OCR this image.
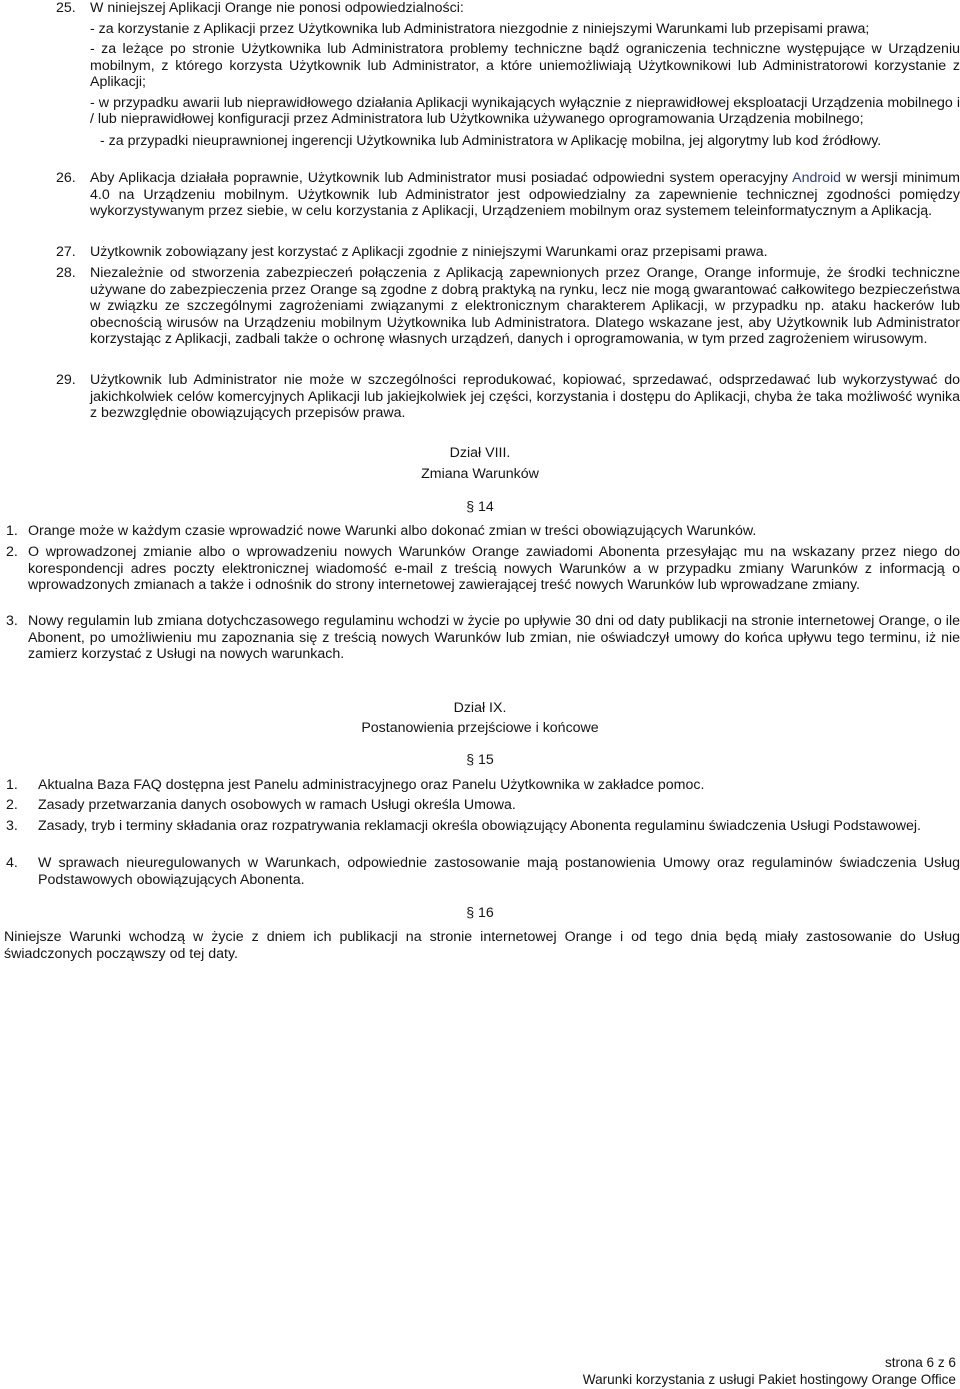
25.	W niniejszej Aplikacji Orange nie ponosi odpowiedzialności:
- za korzystanie z Aplikacji przez Użytkownika lub Administratora niezgodnie z niniejszymi Warunkami lub przepisami prawa;
- za leżące po stronie Użytkownika lub Administratora problemy techniczne bądź ograniczenia techniczne występujące w Urządzeniu mobilnym, z którego korzysta Użytkownik lub Administrator, a które uniemożliwiają Użytkownikowi lub Administratorowi korzystanie z Aplikacji;
- w przypadku awarii lub nieprawidłowego działania Aplikacji wynikających wyłącznie z nieprawidłowej eksploatacji Urządzenia mobilnego i / lub nieprawidłowej konfiguracji przez Administratora lub Użytkownika używanego oprogramowania Urządzenia mobilnego;
- za przypadki nieuprawnionej ingerencji Użytkownika lub Administratora w Aplikację mobilna, jej algorytmy lub kod źródłowy.
26.	Aby Aplikacja działała poprawnie, Użytkownik lub Administrator musi posiadać odpowiedni system operacyjny Android w wersji minimum 4.0 na Urządzeniu mobilnym. Użytkownik lub Administrator jest odpowiedzialny za zapewnienie technicznej zgodności pomiędzy wykorzystywanym przez siebie, w celu korzystania z Aplikacji, Urządzeniem mobilnym oraz systemem teleinformatycznym a Aplikacją.
27.	Użytkownik zobowiązany jest korzystać z Aplikacji zgodnie z niniejszymi Warunkami oraz przepisami prawa.
28.	Niezależnie od stworzenia zabezpieczeń połączenia z Aplikacją zapewnionych przez Orange, Orange informuje, że środki techniczne używane do zabezpieczenia przez Orange są zgodne z dobrą praktyką na rynku, lecz nie mogą gwarantować całkowitego bezpieczeństwa w związku ze szczególnymi zagrożeniami związanymi z elektronicznym charakterem Aplikacji, w przypadku np. ataku hackerów lub obecnością wirusów na Urządzeniu mobilnym Użytkownika lub Administratora. Dlatego wskazane jest, aby Użytkownik lub Administrator korzystając z Aplikacji, zadbali także o ochronę własnych urządzeń, danych i oprogramowania, w tym przed zagrożeniem wirusowym.
29.	Użytkownik lub Administrator nie może w szczególności reprodukować, kopiować, sprzedawać, odsprzedawać lub wykorzystywać do jakichkolwiek celów komercyjnych Aplikacji lub jakiejkolwiek jej części, korzystania i dostępu do Aplikacji, chyba że taka możliwość wynika z bezwzględnie obowiązujących przepisów prawa.
Dział VIII.
Zmiana Warunków
§ 14
1. Orange może w każdym czasie wprowadzić nowe Warunki albo dokonać zmian w treści obowiązujących Warunków.
2. O wprowadzonej zmianie albo o wprowadzeniu nowych Warunków Orange zawiadomi Abonenta przesyłając mu na wskazany przez niego do korespondencji adres poczty elektronicznej wiadomość e-mail z treścią nowych Warunków a w przypadku zmiany Warunków z informacją o wprowadzonych zmianach a także i odnośnik do strony internetowej zawierającej treść nowych Warunków lub wprowadzane zmiany.
3. Nowy regulamin lub zmiana dotychczasowego regulaminu wchodzi w życie po upływie 30 dni od daty publikacji na stronie internetowej Orange, o ile Abonent, po umożliwieniu mu zapoznania się z treścią nowych Warunków lub zmian, nie oświadczył umowy do końca upływu tego terminu, iż nie zamierz korzystać z Usługi na nowych warunkach.
Dział IX.
Postanowienia przejściowe i końcowe
§ 15
1. Aktualna Baza FAQ dostępna jest Panelu administracyjnego oraz Panelu Użytkownika w zakładce pomoc.
2. Zasady przetwarzania danych osobowych w ramach Usługi określa Umowa.
3. Zasady, tryb i terminy składania oraz rozpatrywania reklamacji określa obowiązujący Abonenta regulaminu świadczenia Usługi Podstawowej.
4. W sprawach nieuregulowanych w Warunkach, odpowiednie zastosowanie mają postanowienia Umowy oraz regulaminów świadczenia Usług Podstawowych obowiązujących Abonenta.
§ 16
Niniejsze Warunki wchodzą w życie z dniem ich publikacji na stronie internetowej Orange i od tego dnia będą miały zastosowanie do Usług świadczonych począwszy od tej daty.
strona 6 z 6
Warunki korzystania z usługi Pakiet hostingowy Orange Office
